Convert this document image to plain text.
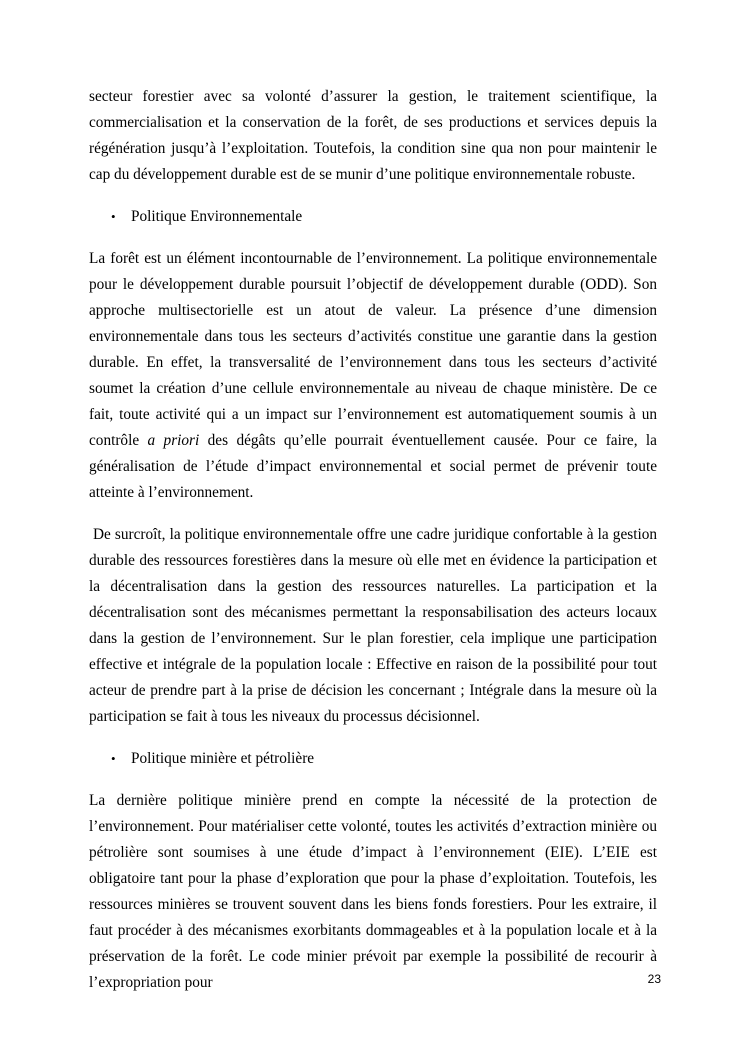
secteur forestier avec sa volonté d’assurer la gestion, le traitement scientifique, la commercialisation et la conservation de la forêt, de ses productions et services depuis la régénération jusqu’à l’exploitation. Toutefois, la condition sine qua non pour maintenir le cap du développement durable est de se munir d’une politique environnementale robuste.

•	Politique Environnementale

La forêt est un élément incontournable de l’environnement. La politique environnementale pour le développement durable poursuit l’objectif de développement durable (ODD). Son approche multisectorielle est un atout de valeur. La présence d’une dimension environnementale dans tous les secteurs d’activités constitue une garantie dans la gestion durable. En effet, la transversalité de l’environnement dans tous les secteurs d’activité soumet la création d’une cellule environnementale au niveau de chaque ministère. De ce fait, toute activité qui a un impact sur l’environnement est automatiquement soumis à un contrôle a priori des dégâts qu’elle pourrait éventuellement causée. Pour ce faire, la généralisation de l’étude d’impact environnemental et social permet de prévenir toute atteinte à l’environnement.

De surcroît, la politique environnementale offre une cadre juridique confortable à la gestion durable des ressources forestières dans la mesure où elle met en évidence la participation et la décentralisation dans la gestion des ressources naturelles. La participation et la décentralisation sont des mécanismes permettant la responsabilisation des acteurs locaux dans la gestion de l’environnement. Sur le plan forestier, cela implique une participation effective et intégrale de la population locale : Effective en raison de la possibilité pour tout acteur de prendre part à la prise de décision les concernant ; Intégrale dans la mesure où la participation se fait à tous les niveaux du processus décisionnel.

•	Politique minière et pétrolière

La dernière politique minière prend en compte la nécessité de la protection de l’environnement. Pour matérialiser cette volonté, toutes les activités d’extraction minière ou pétrolière sont soumises à une étude d’impact à l’environnement (EIE). L’EIE est obligatoire tant pour la phase d’exploration que pour la phase d’exploitation. Toutefois, les ressources minières se trouvent souvent dans les biens fonds forestiers. Pour les extraire, il faut procéder à des mécanismes exorbitants dommageables et à la population locale et à la préservation de la forêt. Le code minier prévoit par exemple la possibilité de recourir à l’expropriation pour	23
